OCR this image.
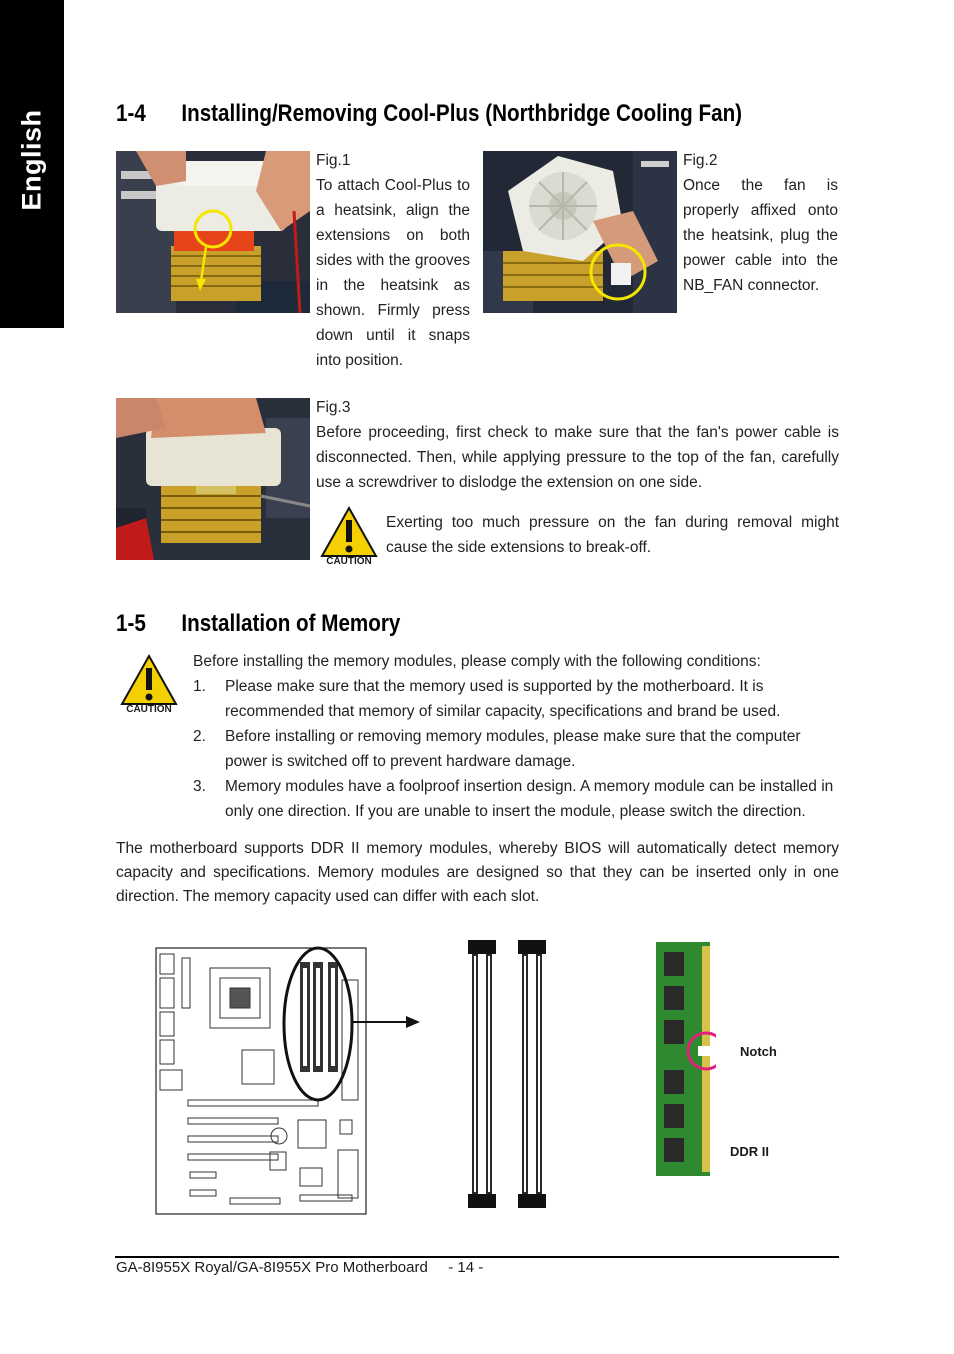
English	1-4 Installing/Removing Cool-Plus (Northbridge Cooling Fan)
Fig.1
To attach Cool-Plus to a heatsink, align the extensions on both sides with the grooves in the heatsink as shown. Firmly press down until it snaps into position.
Fig.2
Once the fan is properly affixed onto the heatsink, plug the power cable into the NB_FAN connector.
Fig.3
Before proceeding, first check to make sure that the fan's power cable is disconnected. Then, while applying pressure to the top of the fan, carefully use a screwdriver to dislodge the extension on one side.
CAUTION
Exerting too much pressure on the fan during removal might cause the side extensions to break-off.
1-5 Installation of Memory
CAUTION
Before installing the memory modules, please comply with the following conditions:
1. Please make sure that the memory used is supported by the motherboard. It is recommended that memory of similar capacity, specifications and brand be used.
2. Before installing or removing memory modules, please make sure that the computer power is switched off to prevent hardware damage.
3. Memory modules have a foolproof insertion design. A memory module can be installed in only one direction. If you are unable to insert the module, please switch the direction.
The motherboard supports DDR II memory modules, whereby BIOS will automatically detect memory capacity and specifications. Memory modules are designed so that they can be inserted only in one direction. The memory capacity used can differ with each slot.
Notch
DDR II
GA-8I955X Royal/GA-8I955X Pro Motherboard - 14 -
